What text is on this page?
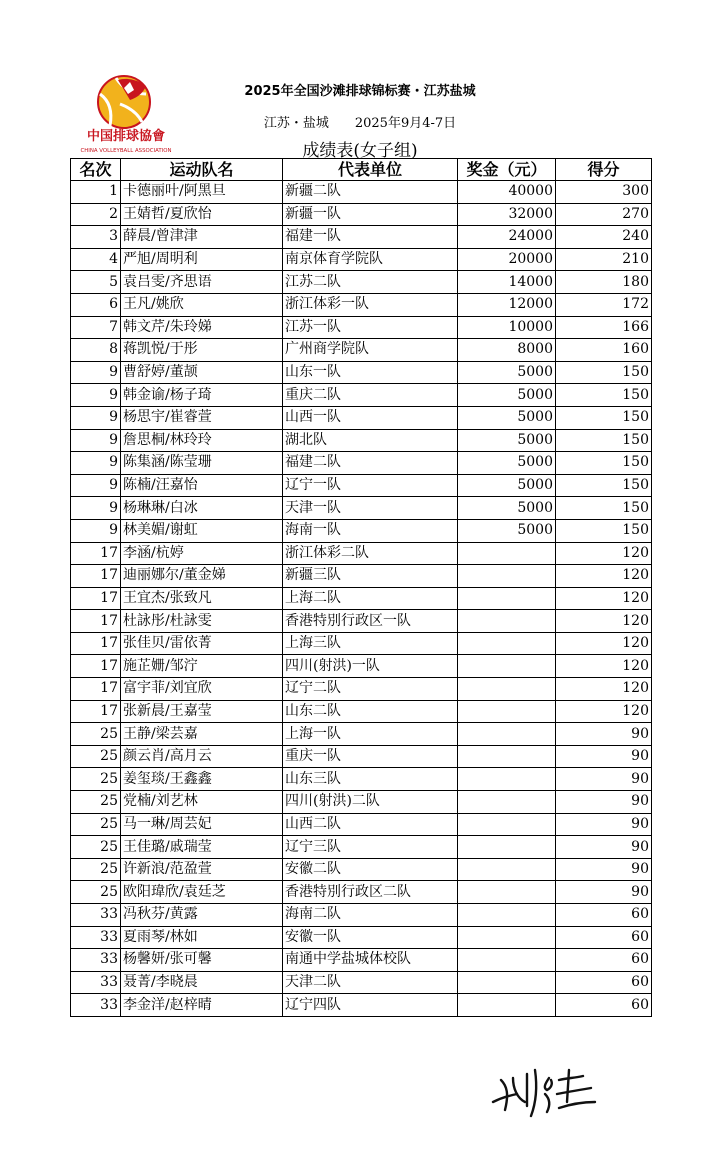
中国排球協會
CHINA VOLLEYBALL ASSOCIATION
2025年全国沙滩排球锦标赛・江苏盐城
江苏・盐城 2025年9月4-7日
成绩表(女子组)
名次	运动队名	代表单位	奖金（元）	得分
1	卡德丽叶/阿黑旦	新疆二队	40000	300
2	王婧哲/夏欣怡	新疆一队	32000	270
3	薛晨/曾津津	福建一队	24000	240
4	严旭/周明利	南京体育学院队	20000	210
5	袁吕雯/齐思语	江苏二队	14000	180
6	王凡/姚欣	浙江体彩一队	12000	172
7	韩文芹/朱玲娣	江苏一队	10000	166
8	蒋凯悦/于彤	广州商学院队	8000	160
9	曹舒婷/董颉	山东一队	5000	150
9	韩金谕/杨子琦	重庆二队	5000	150
9	杨思宇/崔睿萱	山西一队	5000	150
9	詹思桐/林玲玲	湖北队	5000	150
9	陈集涵/陈莹珊	福建二队	5000	150
9	陈楠/汪嘉怡	辽宁一队	5000	150
9	杨琳琳/白冰	天津一队	5000	150
9	林美媚/谢虹	海南一队	5000	150
17	李涵/杭婷	浙江体彩二队		120
17	迪丽娜尔/董金娣	新疆三队		120
17	王宜杰/张致凡	上海二队		120
17	杜詠彤/杜詠雯	香港特別行政区一队		120
17	张佳贝/雷依菁	上海三队		120
17	施芷姗/邹泞	四川(射洪)一队		120
17	富宇菲/刘宜欣	辽宁二队		120
17	张新晨/王嘉莹	山东二队		120
25	王静/梁芸嘉	上海一队		90
25	颜云肖/高月云	重庆一队		90
25	姜玺琰/王鑫鑫	山东三队		90
25	党楠/刘艺林	四川(射洪)二队		90
25	马一琳/周芸妃	山西二队		90
25	王佳璐/戚瑞莹	辽宁三队		90
25	许新浪/范盈萱	安徽二队		90
25	欧阳瑋欣/袁廷芝	香港特別行政区二队		90
33	冯秋芬/黄露	海南二队		60
33	夏雨琴/林如	安徽一队		60
33	杨馨妍/张可馨	南通中学盐城体校队		60
33	聂菁/李晓晨	天津二队		60
33	李金洋/赵梓晴	辽宁四队		60
